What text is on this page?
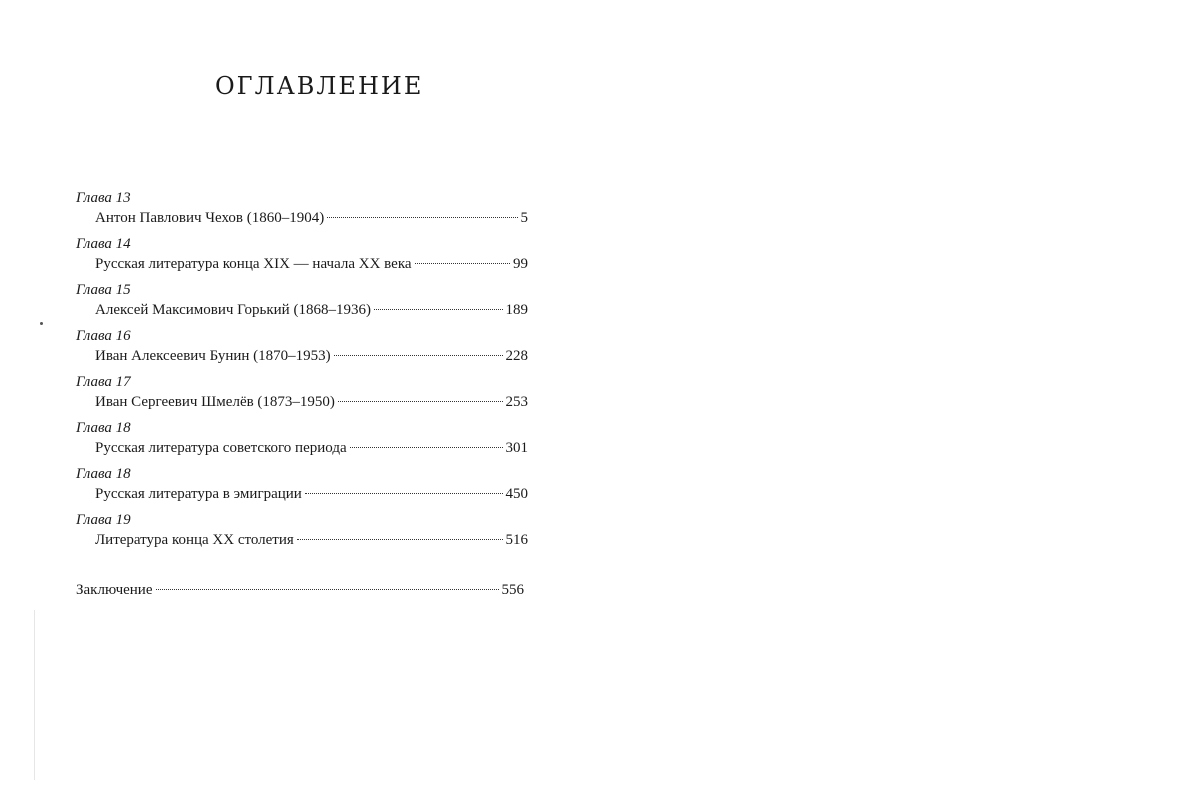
ОГЛАВЛЕНИЕ
Глава 13
Антон Павлович Чехов (1860–1904)	5
Глава 14
Русская литература конца XIX — начала XX века	99
Глава 15
Алексей Максимович Горький (1868–1936)	189
Глава 16
Иван Алексеевич Бунин (1870–1953)	228
Глава 17
Иван Сергеевич Шмелёв (1873–1950)	253
Глава 18
Русская литература советского периода	301
Глава 18
Русская литература в эмиграции	450
Глава 19
Литература конца XX столетия	516
Заключение	556
